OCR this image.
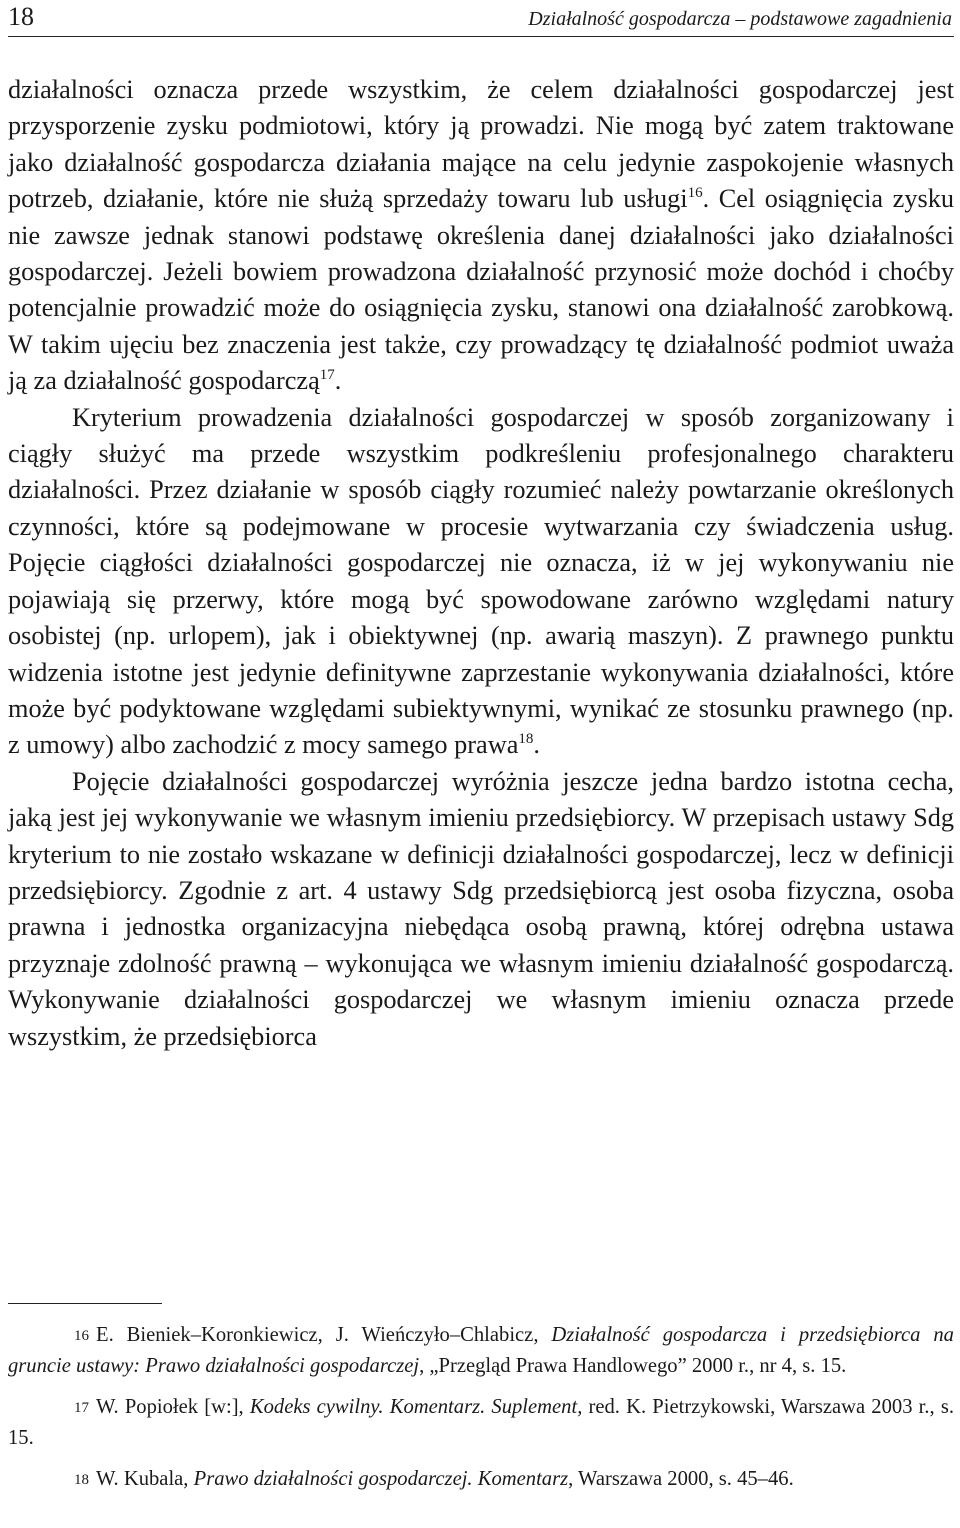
18	Działalność gospodarcza – podstawowe zagadnienia

działalności oznacza przede wszystkim, że celem działalności gospodarczej jest przysporzenie zysku podmiotowi, który ją prowadzi. Nie mogą być zatem traktowane jako działalność gospodarcza działania mające na celu jedynie zaspokojenie własnych potrzeb, działanie, które nie służą sprzedaży towaru lub usługi$^{16}$. Cel osiągnięcia zysku nie zawsze jednak stanowi podstawę określenia danej działalności jako działalności gospodarczej. Jeżeli bowiem prowadzona działalność przynosić może dochód i choćby potencjalnie prowadzić może do osiągnięcia zysku, stanowi ona działalność zarobkową. W takim ujęciu bez znaczenia jest także, czy prowadzący tę działalność podmiot uważa ją za działalność gospodarczą$^{17}$.

Kryterium prowadzenia działalności gospodarczej w sposób zorganizowany i ciągły służyć ma przede wszystkim podkreśleniu profesjonalnego charakteru działalności. Przez działanie w sposób ciągły rozumieć należy powtarzanie określonych czynności, które są podejmowane w procesie wytwarzania czy świadczenia usług. Pojęcie ciągłości działalności gospodarczej nie oznacza, iż w jej wykonywaniu nie pojawiają się przerwy, które mogą być spowodowane zarówno względami natury osobistej (np. urlopem), jak i obiektywnej (np. awarią maszyn). Z prawnego punktu widzenia istotne jest jedynie definitywne zaprzestanie wykonywania działalności, które może być podyktowane względami subiektywnymi, wynikać ze stosunku prawnego (np. z umowy) albo zachodzić z mocy samego prawa$^{18}$.

Pojęcie działalności gospodarczej wyróżnia jeszcze jedna bardzo istotna cecha, jaką jest jej wykonywanie we własnym imieniu przedsiębiorcy. W przepisach ustawy Sdg kryterium to nie zostało wskazane w definicji działalności gospodarczej, lecz w definicji przedsiębiorcy. Zgodnie z art. 4 ustawy Sdg przedsiębiorcą jest osoba fizyczna, osoba prawna i jednostka organizacyjna niebędąca osobą prawną, której odrębna ustawa przyznaje zdolność prawną – wykonująca we własnym imieniu działalność gospodarczą. Wykonywanie działalności gospodarczej we własnym imieniu oznacza przede wszystkim, że przedsiębiorca

16 E. Bieniek–Koronkiewicz, J. Wieńczyło–Chlabicz, Działalność gospodarcza i przedsiębiorca na gruncie ustawy: Prawo działalności gospodarczej, „Przegląd Prawa Handlowego” 2000 r., nr 4, s. 15.

17 W. Popiołek [w:], Kodeks cywilny. Komentarz. Suplement, red. K. Pietrzykowski, Warszawa 2003 r., s. 15.

18 W. Kubala, Prawo działalności gospodarczej. Komentarz, Warszawa 2000, s. 45–46.
